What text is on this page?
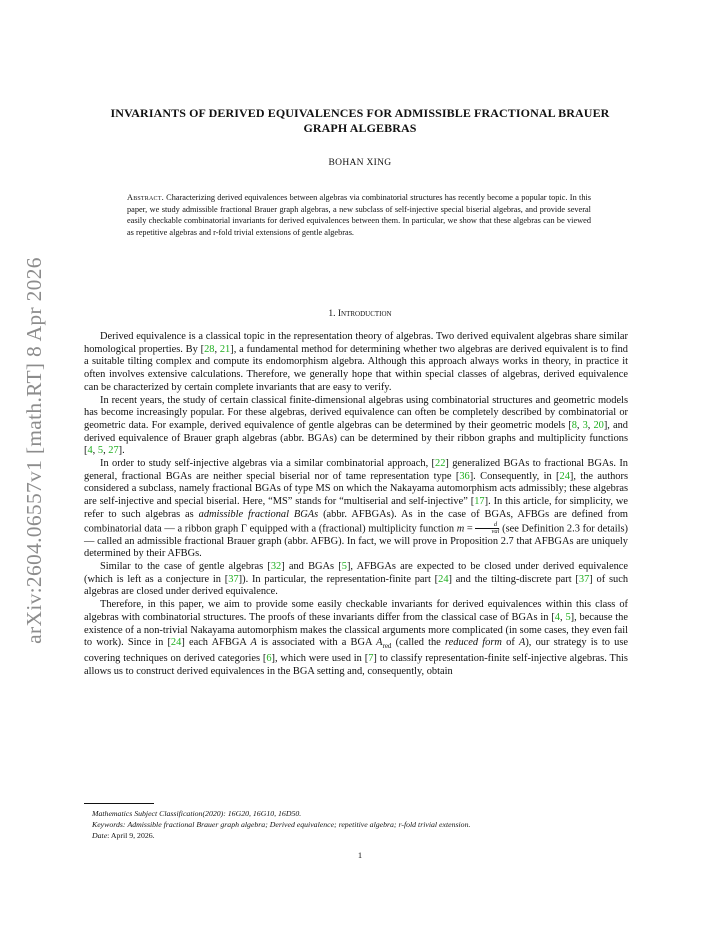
arXiv:2604.06557v1 [math.RT] 8 Apr 2026
INVARIANTS OF DERIVED EQUIVALENCES FOR ADMISSIBLE FRACTIONAL BRAUER
GRAPH ALGEBRAS
BOHAN XING
Abstract. Characterizing derived equivalences between algebras via combinatorial structures has recently become a popular topic. In this paper, we study admissible fractional Brauer graph algebras, a new subclass of self-injective special biserial algebras, and provide several easily checkable combinatorial invariants for derived equivalences between them. In particular, we show that these algebras can be viewed as repetitive algebras and r-fold trivial extensions of gentle algebras.
1. Introduction

Derived equivalence is a classical topic in the representation theory of algebras. Two derived equivalent algebras share similar homological properties. By [28, 21], a fundamental method for determining whether two algebras are derived equivalent is to find a suitable tilting complex and compute its endomorphism algebra. Although this approach always works in theory, in practice it often involves extensive calculations. Therefore, we generally hope that within special classes of algebras, derived equivalence can be characterized by certain complete invariants that are easy to verify.

In recent years, the study of certain classical finite-dimensional algebras using combinatorial structures and geometric models has become increasingly popular. For these algebras, derived equivalence can often be completely described by combinatorial or geometric data. For example, derived equivalence of gentle algebras can be determined by their geometric models [8, 3, 20], and derived equivalence of Brauer graph algebras (abbr. BGAs) can be determined by their ribbon graphs and multiplicity functions [4, 5, 27].

In order to study self-injective algebras via a similar combinatorial approach, [22] generalized BGAs to fractional BGAs. In general, fractional BGAs are neither special biserial nor of tame representation type [36]. Consequently, in [24], the authors considered a subclass, namely fractional BGAs of type MS on which the Nakayama automorphism acts admissibly; these algebras are self-injective and special biserial. Here, “MS” stands for “multiserial and self-injective” [17]. In this article, for simplicity, we refer to such algebras as admissible fractional BGAs (abbr. AFBGAs). As in the case of BGAs, AFBGs are defined from combinatorial data — a ribbon graph Γ equipped with a (fractional) multiplicity function $m = \frac{d}{\text{val}} (see$ Definition 2.3 for details) — called an admissible fractional Brauer graph (abbr. AFBG). In fact, we will prove in Proposition 2.7 that AFBGAs are uniquely determined by their AFBGs.

Similar to the case of gentle algebras [32] and BGAs [5], AFBGAs are expected to be closed under derived equivalence (which is left as a conjecture in [37]). In particular, the representation-finite part [24] and the tilting-discrete part [37] of such algebras are closed under derived equivalence.

Therefore, in this paper, we aim to provide some easily checkable invariants for derived equivalences within this class of algebras with combinatorial structures. The proofs of these invariants differ from the classical case of BGAs in [4, 5], because the existence of a non-trivial Nakayama automorphism makes the classical arguments more complicated (in some cases, they even fail to work). Since in [24] each AFBGA A is associated with a BGA $A_{red}$ (called the reduced form of A), our strategy is to use covering techniques on derived categories [6], which were used in [7] to classify representation-finite self-injective algebras. This allows us to construct derived equivalences in the BGA setting and, consequently, obtain

Mathematics Subject Classification(2020): 16G20, 16G10, 16D50.
Keywords: Admissible fractional Brauer graph algebra; Derived equivalence; repetitive algebra; r-fold trivial extension.
Date: April 9, 2026.
1
